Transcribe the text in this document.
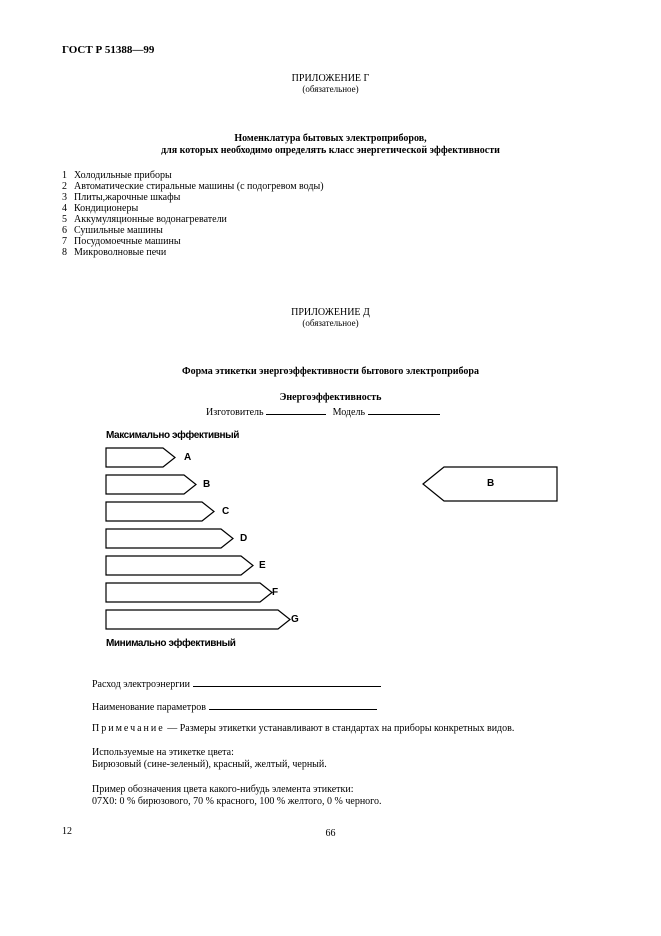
ГОСТ Р 51388—99
ПРИЛОЖЕНИЕ Г
(обязательное)
Номенклатура бытовых электроприборов,
для которых необходимо определять класс энергетической эффективности
1 Холодильные приборы
2 Автоматические стиральные машины (с подогревом воды)
3 Плиты,жарочные шкафы
4 Кондиционеры
5 Аккумуляционные водонагреватели
6 Сушильные машины
7 Посудомоечные машины
8 Микроволновые печи
ПРИЛОЖЕНИЕ Д
(обязательное)
Форма этикетки энергоэффективности бытового электроприбора
Энергоэффективность
Изготовитель	Модель
Максимально эффективный
A
B
C
D
E
F
G
B
Минимально эффективный
Расход электроэнергии
Наименование параметров
Примечание — Размеры этикетки устанавливают в стандартах на приборы конкретных видов.
Используемые на этикетке цвета:
Бирюзовый (сине-зеленый), красный, желтый, черный.
Пример обозначения цвета какого-нибудь элемента этикетки:
07X0: 0 % бирюзового, 70 % красного, 100 % желтого, 0 % черного.
12	66
